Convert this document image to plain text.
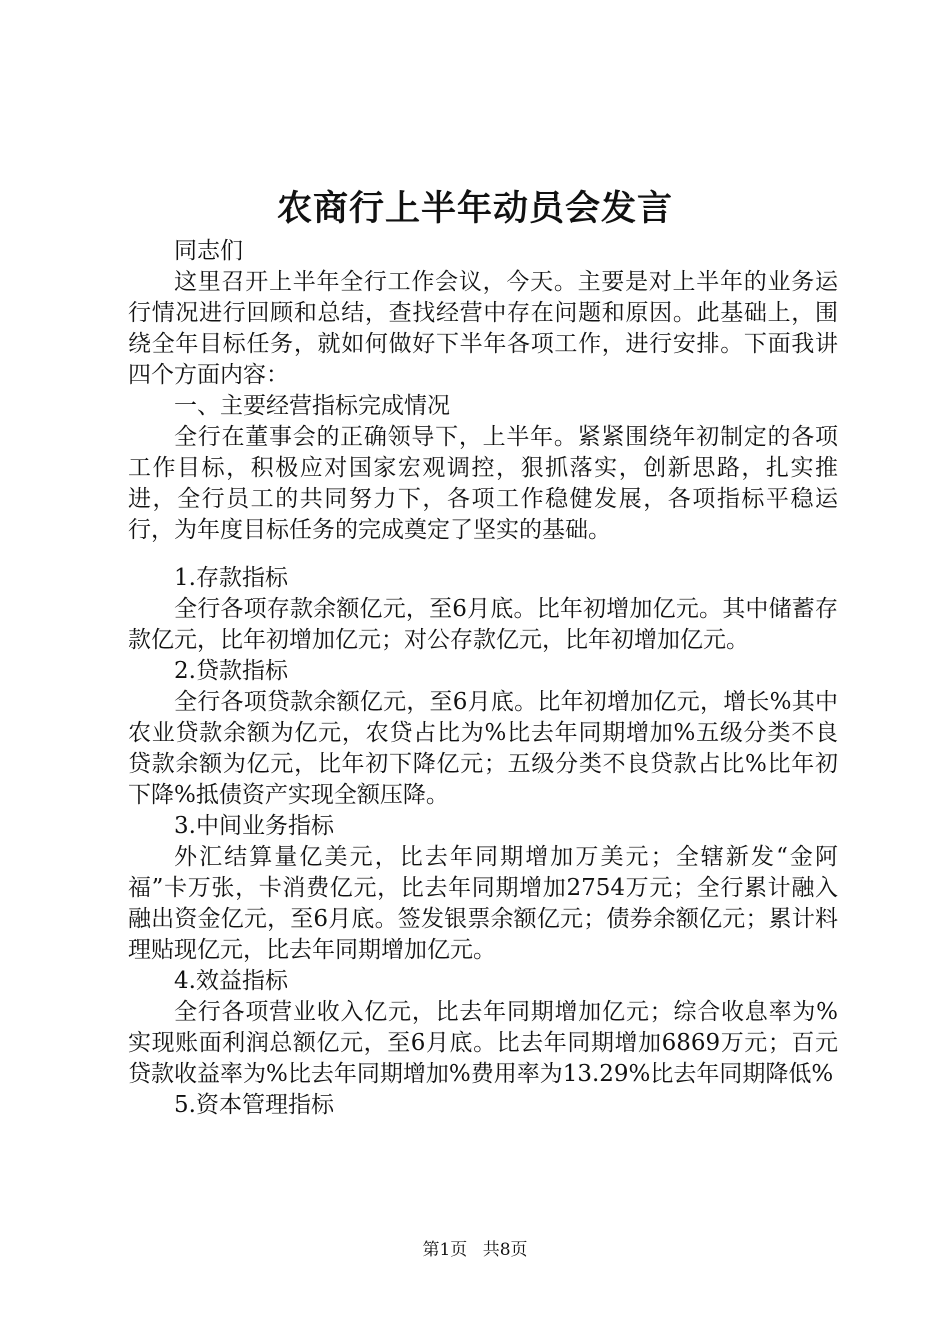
农商行上半年动员会发言

同志们

这里召开上半年全行工作会议，今天。主要是对上半年的业务运行情况进行回顾和总结，查找经营中存在问题和原因。此基础上，围绕全年目标任务，就如何做好下半年各项工作，进行安排。下面我讲四个方面内容：

一、主要经营指标完成情况

全行在董事会的正确领导下，上半年。紧紧围绕年初制定的各项工作目标，积极应对国家宏观调控，狠抓落实，创新思路，扎实推进，全行员工的共同努力下，各项工作稳健发展，各项指标平稳运行，为年度目标任务的完成奠定了坚实的基础。

1.存款指标

全行各项存款余额亿元，至6月底。比年初增加亿元。其中储蓄存款亿元，比年初增加亿元；对公存款亿元，比年初增加亿元。

2.贷款指标

全行各项贷款余额亿元，至6月底。比年初增加亿元，增长%其中农业贷款余额为亿元，农贷占比为%比去年同期增加%五级分类不良贷款余额为亿元，比年初下降亿元；五级分类不良贷款占比%比年初下降%抵债资产实现全额压降。

3.中间业务指标

外汇结算量亿美元，比去年同期增加万美元；全辖新发“金阿福”卡万张，卡消费亿元，比去年同期增加2754万元；全行累计融入融出资金亿元，至6月底。签发银票余额亿元；债券余额亿元；累计料理贴现亿元，比去年同期增加亿元。

4.效益指标

全行各项营业收入亿元，比去年同期增加亿元；综合收息率为%实现账面利润总额亿元，至6月底。比去年同期增加6869万元；百元贷款收益率为%比去年同期增加%费用率为13.29%比去年同期降低%

5.资本管理指标

第1页 共8页
